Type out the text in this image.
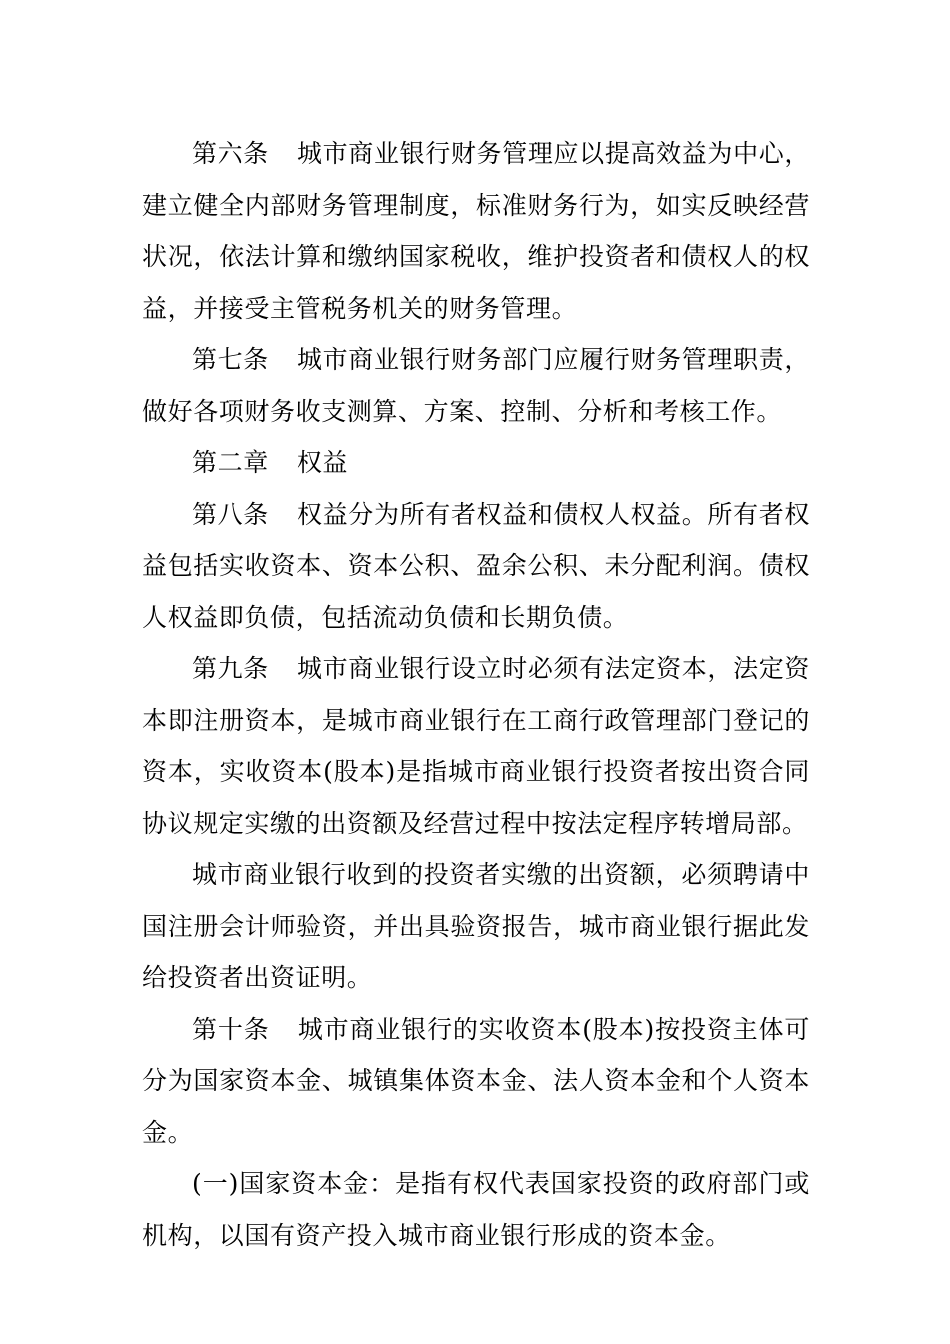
第六条 城市商业银行财务管理应以提高效益为中心，建立健全内部财务管理制度，标准财务行为，如实反映经营状况，依法计算和缴纳国家税收，维护投资者和债权人的权益，并接受主管税务机关的财务管理。

第七条 城市商业银行财务部门应履行财务管理职责，做好各项财务收支测算、方案、控制、分析和考核工作。

第二章 权益

第八条 权益分为所有者权益和债权人权益。所有者权益包括实收资本、资本公积、盈余公积、未分配利润。债权人权益即负债，包括流动负债和长期负债。

第九条 城市商业银行设立时必须有法定资本，法定资本即注册资本，是城市商业银行在工商行政管理部门登记的资本，实收资本(股本)是指城市商业银行投资者按出资合同协议规定实缴的出资额及经营过程中按法定程序转增局部。

城市商业银行收到的投资者实缴的出资额，必须聘请中国注册会计师验资，并出具验资报告，城市商业银行据此发给投资者出资证明。

第十条 城市商业银行的实收资本(股本)按投资主体可分为国家资本金、城镇集体资本金、法人资本金和个人资本金。

(一)国家资本金：是指有权代表国家投资的政府部门或机构，以国有资产投入城市商业银行形成的资本金。
